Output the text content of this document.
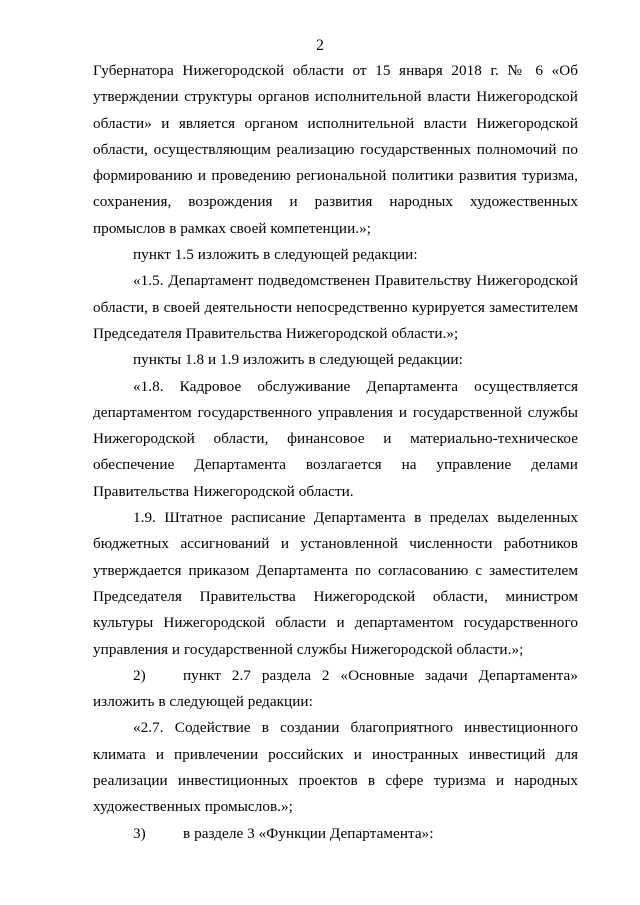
2

Губернатора Нижегородской области от 15 января 2018 г. № 6 «Об утверждении структуры органов исполнительной власти Нижегородской области» и является органом исполнительной власти Нижегородской области, осуществляющим реализацию государственных полномочий по формированию и проведению региональной политики развития туризма, сохранения, возрождения и развития народных художественных промыслов в рамках своей компетенции.»;

пункт 1.5 изложить в следующей редакции:

«1.5. Департамент подведомственен Правительству Нижегородской области, в своей деятельности непосредственно курируется заместителем Председателя Правительства Нижегородской области.»;

пункты 1.8 и 1.9 изложить в следующей редакции:

«1.8. Кадровое обслуживание Департамента осуществляется департаментом государственного управления и государственной службы Нижегородской области, финансовое и материально-техническое обеспечение Департамента возлагается на управление делами Правительства Нижегородской области.

1.9. Штатное расписание Департамента в пределах выделенных бюджетных ассигнований и установленной численности работников утверждается приказом Департамента по согласованию с заместителем Председателя Правительства Нижегородской области, министром культуры Нижегородской области и департаментом государственного управления и государственной службы Нижегородской области.»;

2) пункт 2.7 раздела 2 «Основные задачи Департамента» изложить в следующей редакции:

«2.7. Содействие в создании благоприятного инвестиционного климата и привлечении российских и иностранных инвестиций для реализации инвестиционных проектов в сфере туризма и народных художественных промыслов.»;

3) в разделе 3 «Функции Департамента»:
